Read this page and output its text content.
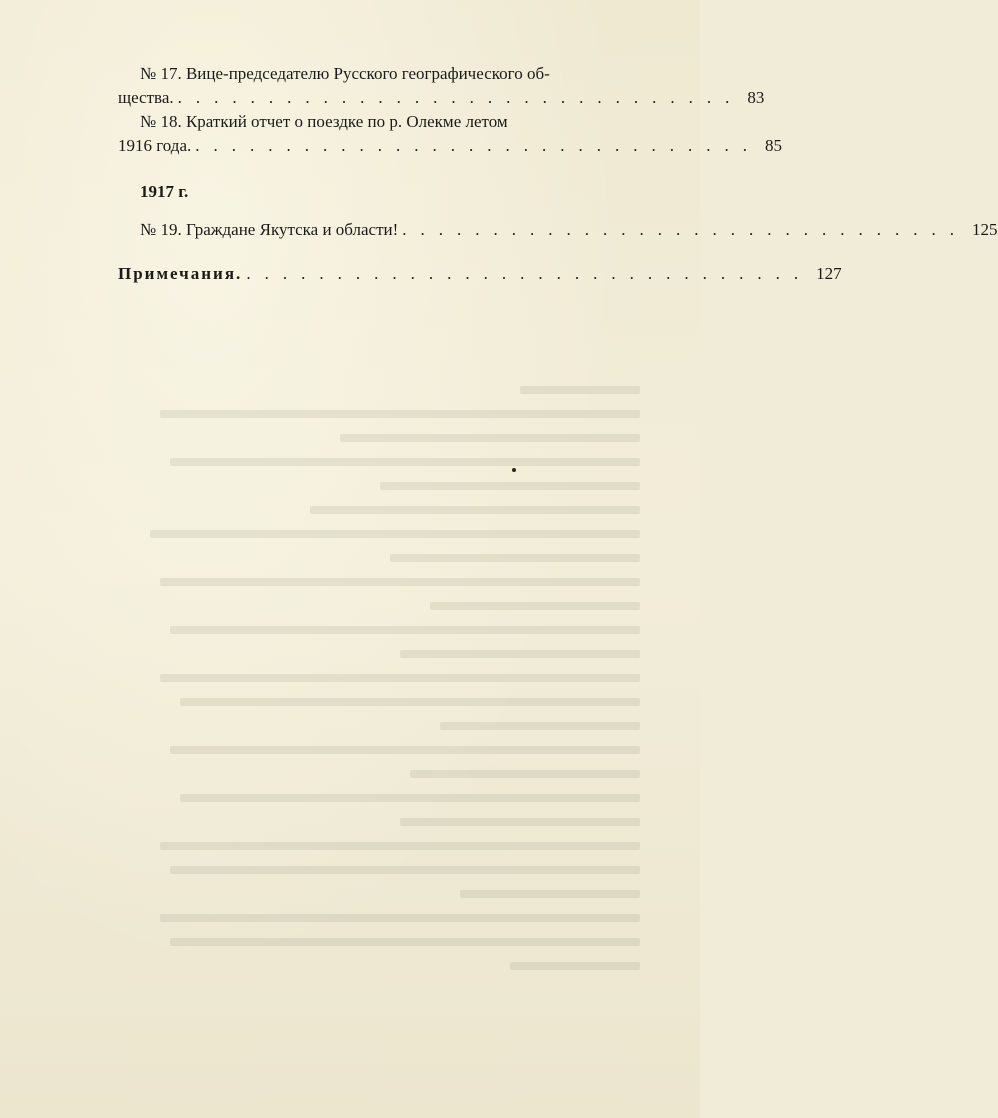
№ 17. Вице-председателю Русского географического об -
щества. ............................... 83
№ 18. Краткий отчет о поездке по р. Олекме летом
1916 года. ............................... 85
1917 г.
№ 19. Граждане Якутска и области! ............................... 125
Примечания. ............................... 127
